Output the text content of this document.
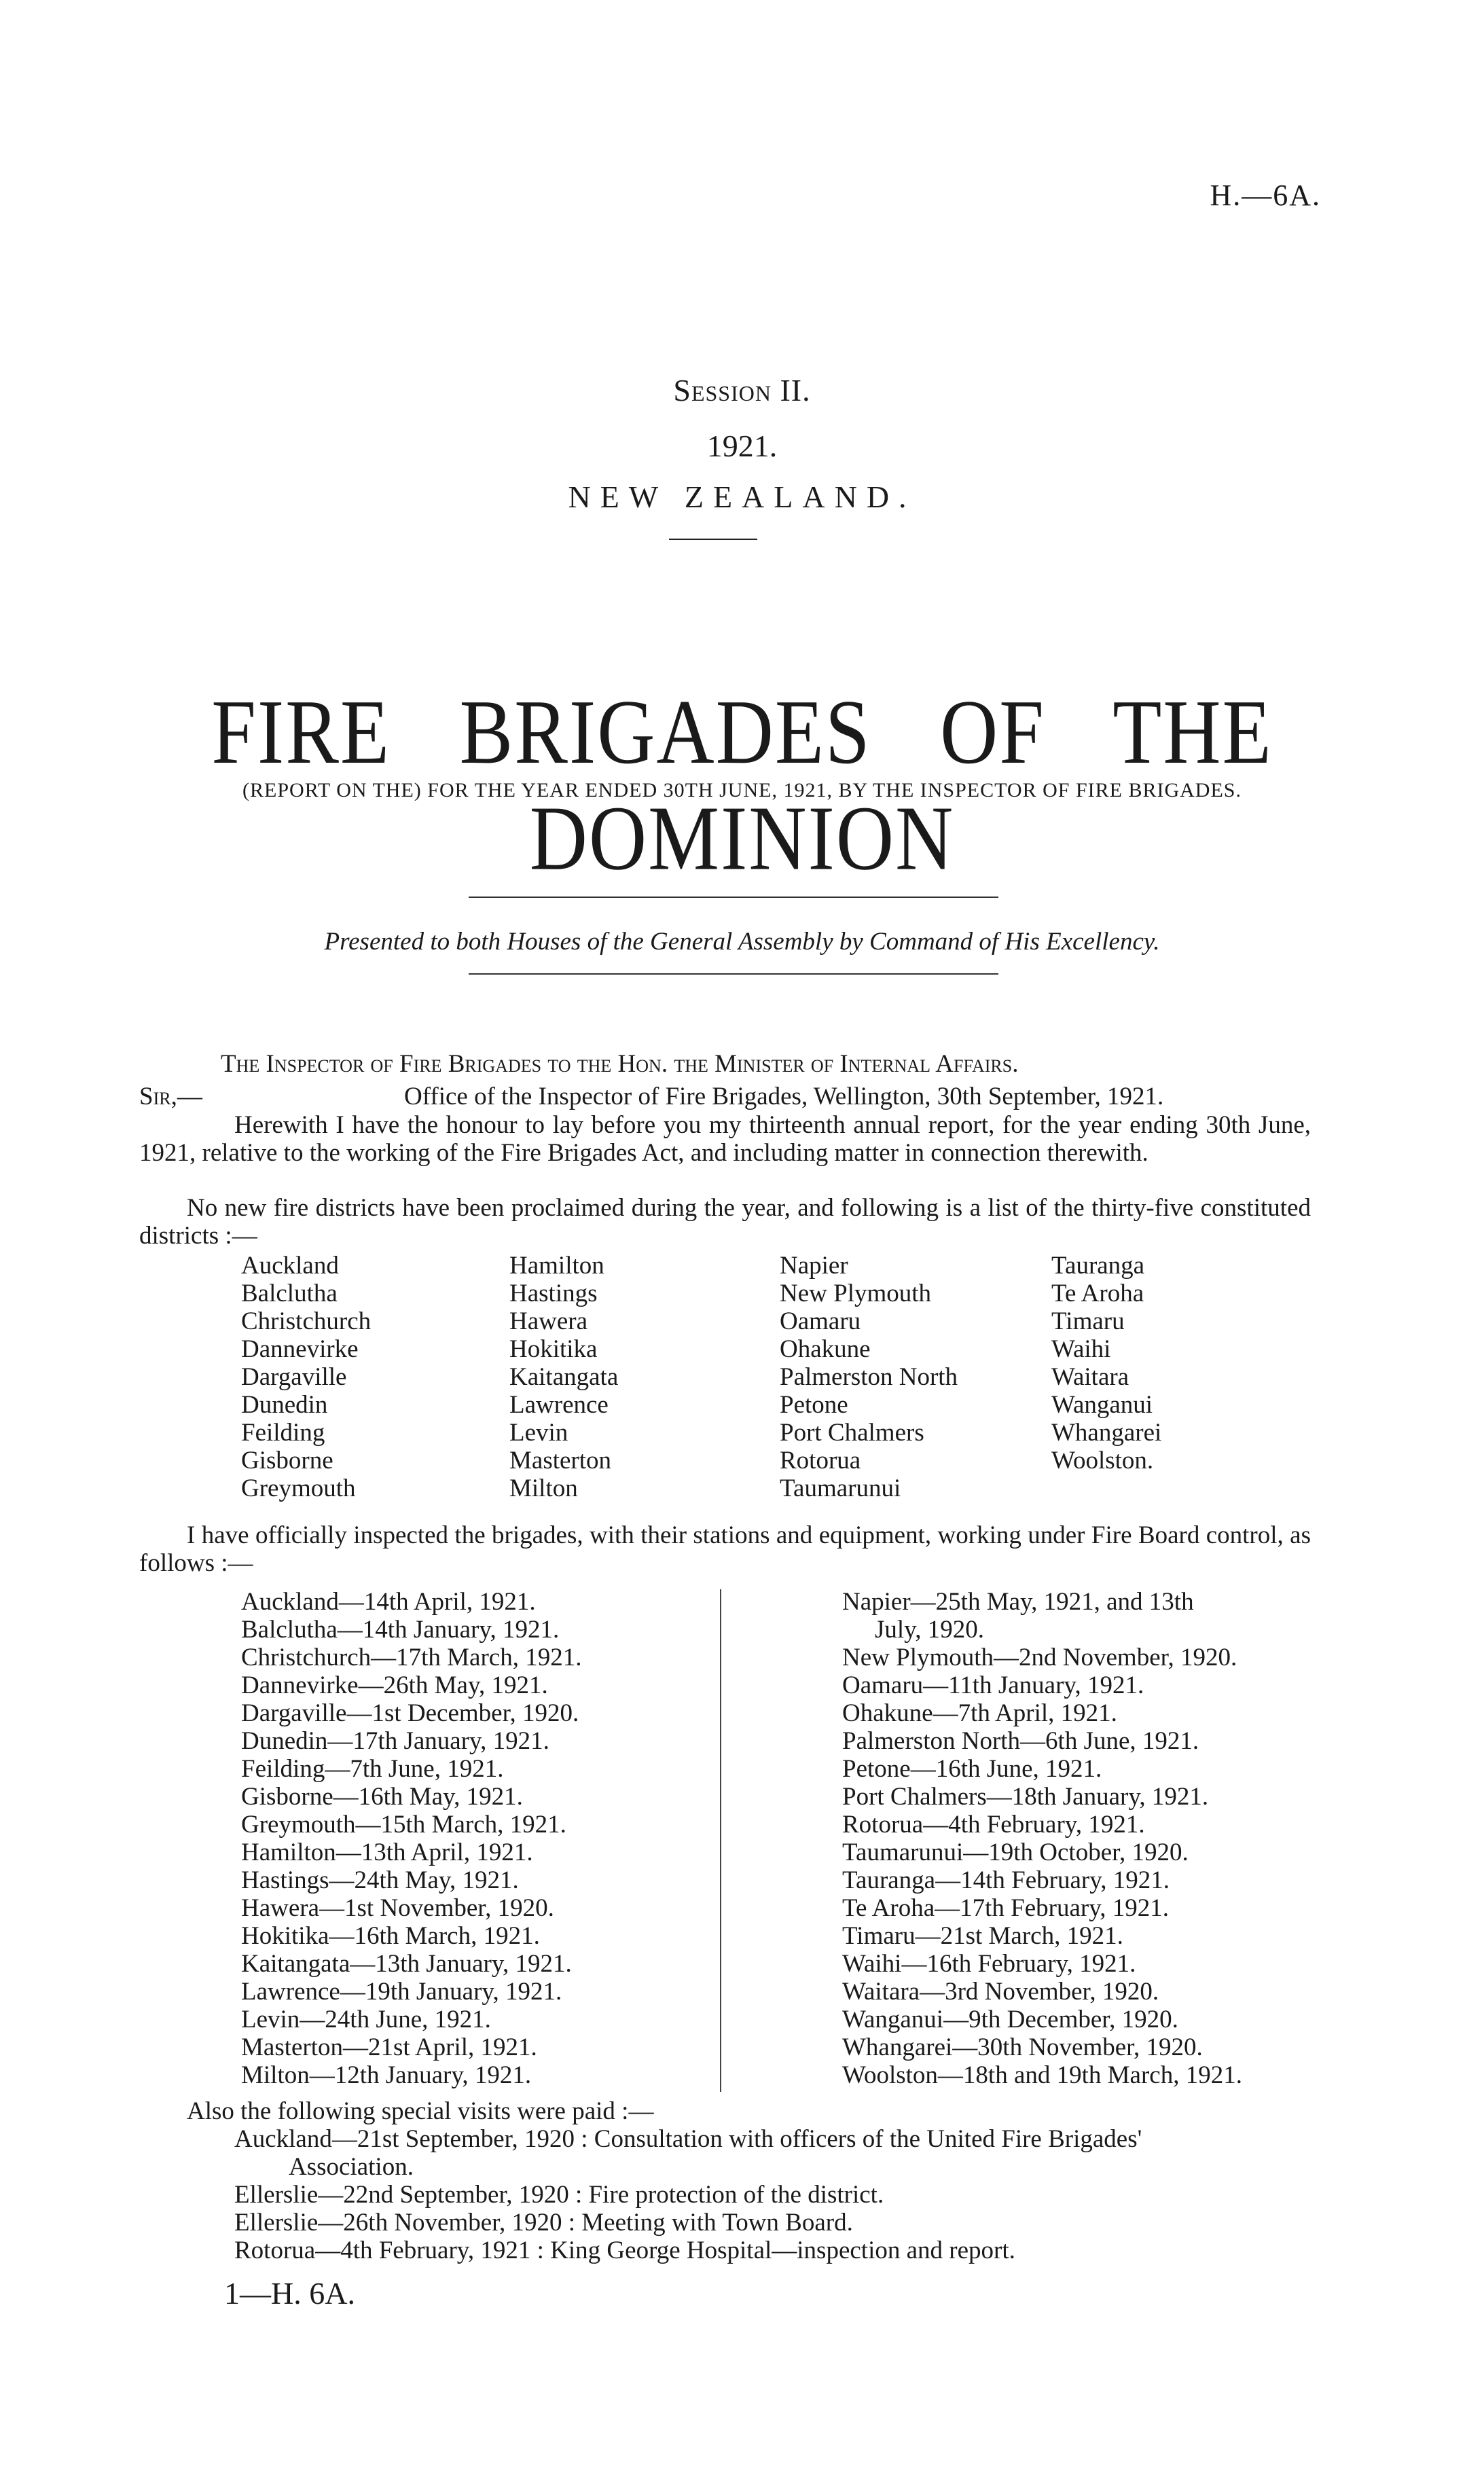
H.—6A.
Session II.
1921.
NEW ZEALAND.
FIRE BRIGADES OF THE DOMINION
(REPORT ON THE) FOR THE YEAR ENDED 30TH JUNE, 1921, BY THE INSPECTOR OF FIRE BRIGADES.
Presented to both Houses of the General Assembly by Command of His Excellency.
The Inspector of Fire Brigades to the Hon. the Minister of Internal Affairs.
Sir,—	Office of the Inspector of Fire Brigades, Wellington, 30th September, 1921.
Herewith I have the honour to lay before you my thirteenth annual report, for the year ending 30th June, 1921, relative to the working of the Fire Brigades Act, and including matter in connection therewith.
No new fire districts have been proclaimed during the year, and following is a list of the thirty-five constituted districts :—
Auckland
Balclutha
Christchurch
Dannevirke
Dargaville
Dunedin
Feilding
Gisborne
Greymouth
Hamilton
Hastings
Hawera
Hokitika
Kaitangata
Lawrence
Levin
Masterton
Milton
Napier
New Plymouth
Oamaru
Ohakune
Palmerston North
Petone
Port Chalmers
Rotorua
Taumarunui
Tauranga
Te Aroha
Timaru
Waihi
Waitara
Wanganui
Whangarei
Woolston.
I have officially inspected the brigades, with their stations and equipment, working under Fire Board control, as follows :—
Auckland—14th April, 1921.
Balclutha—14th January, 1921.
Christchurch—17th March, 1921.
Dannevirke—26th May, 1921.
Dargaville—1st December, 1920.
Dunedin—17th January, 1921.
Feilding—7th June, 1921.
Gisborne—16th May, 1921.
Greymouth—15th March, 1921.
Hamilton—13th April, 1921.
Hastings—24th May, 1921.
Hawera—1st November, 1920.
Hokitika—16th March, 1921.
Kaitangata—13th January, 1921.
Lawrence—19th January, 1921.
Levin—24th June, 1921.
Masterton—21st April, 1921.
Milton—12th January, 1921.
Napier—25th May, 1921, and 13th
July, 1920.
New Plymouth—2nd November, 1920.
Oamaru—11th January, 1921.
Ohakune—7th April, 1921.
Palmerston North—6th June, 1921.
Petone—16th June, 1921.
Port Chalmers—18th January, 1921.
Rotorua—4th February, 1921.
Taumarunui—19th October, 1920.
Tauranga—14th February, 1921.
Te Aroha—17th February, 1921.
Timaru—21st March, 1921.
Waihi—16th February, 1921.
Waitara—3rd November, 1920.
Wanganui—9th December, 1920.
Whangarei—30th November, 1920.
Woolston—18th and 19th March, 1921.
Also the following special visits were paid :—
Auckland—21st September, 1920 : Consultation with officers of the United Fire Brigades'
Association.
Ellerslie—22nd September, 1920 : Fire protection of the district.
Ellerslie—26th November, 1920 : Meeting with Town Board.
Rotorua—4th February, 1921 : King George Hospital—inspection and report.
1—H. 6A.
